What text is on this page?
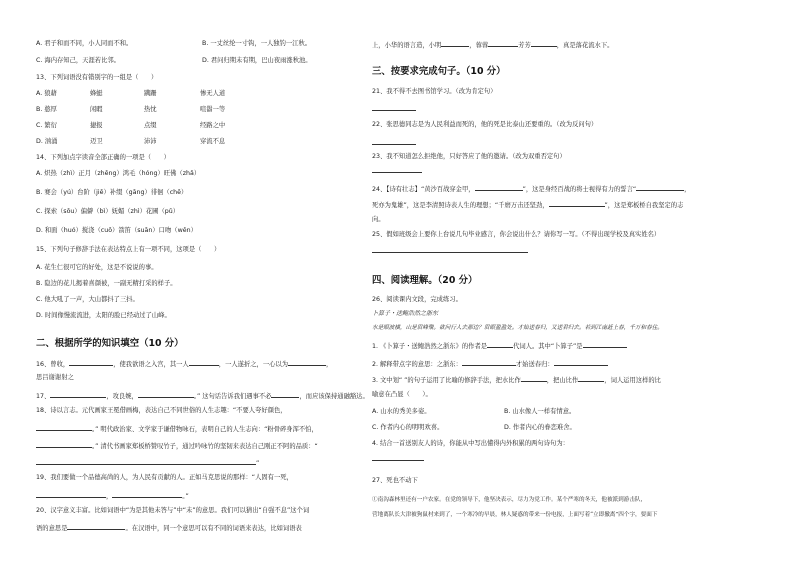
A. 君子和而不同，小人同而不和。	B. 一丈丝纶一寸钩，一人独钓一江秋。
C. 海内存知己，天涯若比邻。	D. 君问归期未有期，巴山夜雨涨秋池。
13、下列词语没有错别字的一组是（　　）
A. 狼藉	蜂蜓	蹒跚	惨无人道
B. 憨厚	闲暇	热忱	喧嚣一等
C. 繁衍	捷报	点缀	经路之中
D. 汹涌	迈卫	沛沛	穿流不息
14、下列加点字读音全部正确的一项是（　　）
A. 炽热（zhì）正月（zhēng）鸿毛（hóng）旺佛（zhǎ）
B. 赛会（yú）台阶（jiē）补缀（gāng）徘徊（chē）
C. 探索（sōu）偏僻（bì）妩媚（zhì）花圃（pǔ）
D. 和面（huó）搅浇（cuō）箭笛（suān）口吻（wěn）
15、下列句子修辞手法在表达特点上有一项不同，这项是（　　）
A. 花生仁很可它的好处，这是不说说的事。
B. 隐边的花儿揭着喜颜被，一副无精打采的样子。
C. 他大吼了一声，大山都抖了三抖。
D. 时间像慢流流进，太阳的脸已经动过了山峰。
二、根据所学的知识填空（10 分）
16、曾收，	，使我欲语之入宫，其一人	，一人遂折之，一心以为	，
思吕谢谢射之
17、	，攻良婉，	。” 这句话告诉我们遇事不必	，而应该保持通融豁达。
18、诗以言志。元代画家王冕借画梅，表达自己不同世俗的人生志趣：“不要人夸好颜色，
。” 明代政治家、文学家于谦借物咏石，表明自己的人生志向：“粉骨碎身浑不怕，
。” 清代书画家郑板桥赞叹竹子，通过吟咏竹的坚韧来表达自己刚正不阿的品质：“
”
19、我们要做一个品德高尚的人，为人民有贡献的人。正如马克思说的那样：“人固有一死，
，	。”
20、汉字意义丰富。比如词语中“为是其他未答与”中“未”的意思。我们可以猜出“自强不息”这个词
语的意思是	。在汉语中，同一个意思可以有不同的词语来表达，比如词语表
上，小华的语言造，小明	，蓉蓉	芳芳	，真是落花流水下。
三、按要求完成句子。（10 分）
21、我不得不去图书馆学习。（改为肯定句）
22、张思德同志是为人民利益而死的，他的死是比泰山还要重的。（改为反问句）
23、我不知道怎么拒绝他，只好答应了他的邀请。（改为双重否定句）
24、【诗有壮志】“黄沙百战穿金甲，	”，这是身经百战的将士视得有力的誓言“	，
死亦为鬼雄”，这是李清照诗表人生的理想；“千磨万击还坚劲，	”，这是郑板桥自我坚定的志
向。
25、假如班级会上要你上台说几句毕业感言，你会说出什么？请你写一写。（不得出现学校及真实姓名）
四、阅读理解。（20 分）
26、阅读课内文段，完成练习。
卜算子・送鲍浩然之浙东
水是眼波横，山是眉峰聚。欲问行人去那边？眉眼盈盈处。才始送春归，又送君归去。若到江南赶上春，千万和春住。
1. 《卜算子・送鲍浩然之浙东》的作者是	代词人。其中“卜算子”是
2. 解释带点字的意思：之浙东：	才始送春归：
3. 文中划“ ”的句子运用了比喻的修辞手法，把水比作	，把山比作	，词人运用这样的比
喻意在凸显（　　）。
A. 山水的秀美多姿。	B. 山水像人一样有情意。
C. 作者内心的明明欢喜。	D. 作者内心的眷恋难舍。
4. 结合一首送别友人的诗，你能从中写出懂得内外积累的两句诗句为：
27、死也不动下
①南沟森林里还有一户农家。在党的领导下，他坚决表示，尽力为党工作。某个严寒的冬天，他被派到游击队，
营地离队长大津被狗鼠村来到了，一个寒冷的早晨，林人疑惑的带来一份电报，上面写着“立即撤离”四个字，要面下
